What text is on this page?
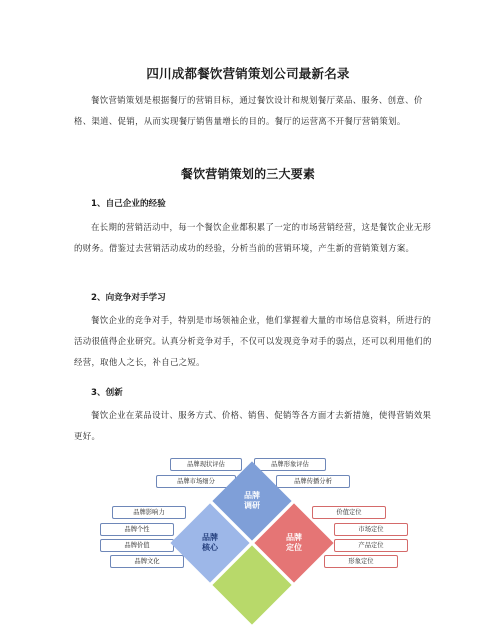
四川成都餐饮营销策划公司最新名录
餐饮营销策划是根据餐厅的营销目标，通过餐饮设计和规划餐厅菜品、服务、创意、价格、渠道、促销，从而实现餐厅销售量增长的目的。餐厅的运营离不开餐厅营销策划。
餐饮营销策划的三大要素
1、自己企业的经验
在长期的营销活动中，每一个餐饮企业都积累了一定的市场营销经营，这是餐饮企业无形的财务。借鉴过去营销活动成功的经验，分析当前的营销环境，产生新的营销策划方案。
2、向竞争对手学习
餐饮企业的竞争对手，特别是市场领袖企业，他们掌握着大量的市场信息资料，所进行的活动很值得企业研究。认真分析竞争对手，不仅可以发现竞争对手的弱点，还可以利用他们的经营，取他人之长，补自己之短。
3、创新
餐饮企业在菜品设计、服务方式、价格、销售、促销等各方面才去新措施，使得营销效果更好。
品牌现状评估	品牌形象评估
品牌市场细分	品牌传播分析
品牌影响力
品牌个性
品牌价值
品牌文化
价值定位
市场定位
产品定位
形象定位
品牌
调研
品牌
核心
品牌
定位
